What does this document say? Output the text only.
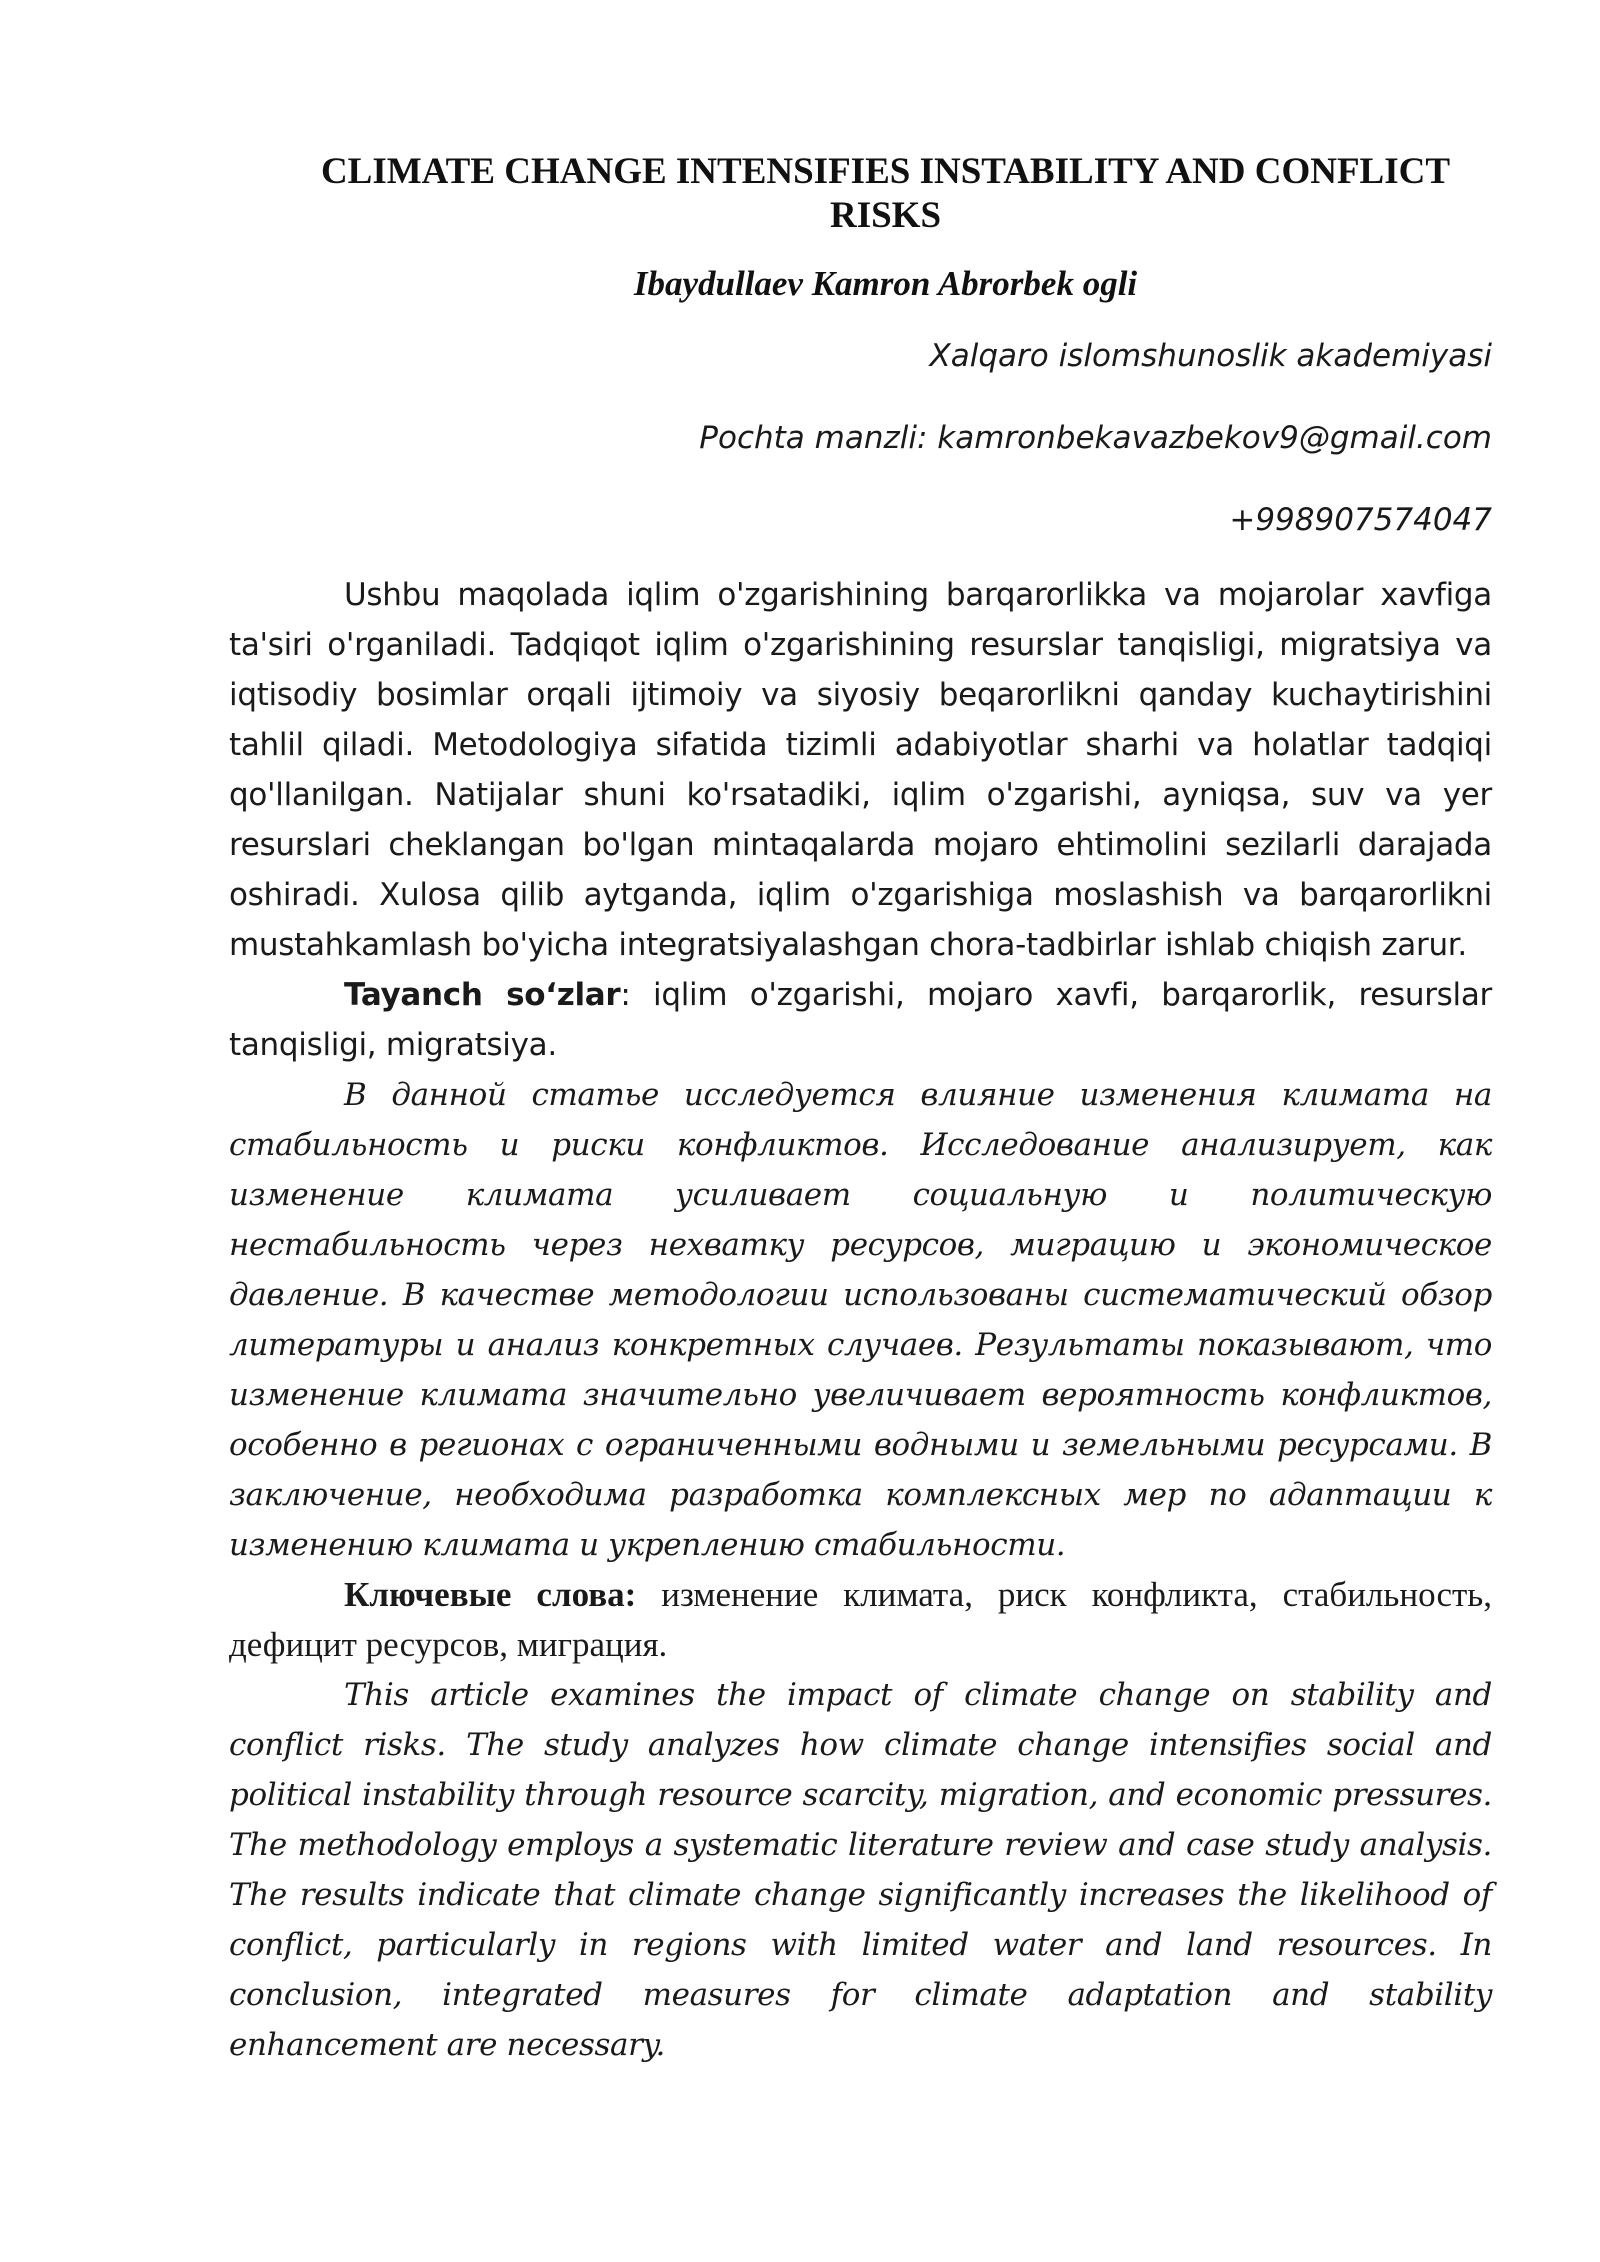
CLIMATE CHANGE INTENSIFIES INSTABILITY AND CONFLICT RISKS

Ibaydullaev Kamron Abrorbek ogli

Xalqaro islomshunoslik akademiyasi

Pochta manzli: kamronbekavazbekov9@gmail.com

+998907574047

Ushbu maqolada iqlim o'zgarishining barqarorlikka va mojarolar xavfiga ta'siri o'rganiladi. Tadqiqot iqlim o'zgarishining resurslar tanqisligi, migratsiya va iqtisodiy bosimlar orqali ijtimoiy va siyosiy beqarorlikni qanday kuchaytirishini tahlil qiladi. Metodologiya sifatida tizimli adabiyotlar sharhi va holatlar tadqiqi qo'llanilgan. Natijalar shuni ko'rsatadiki, iqlim o'zgarishi, ayniqsa, suv va yer resurslari cheklangan bo'lgan mintaqalarda mojaro ehtimolini sezilarli darajada oshiradi. Xulosa qilib aytganda, iqlim o'zgarishiga moslashish va barqarorlikni mustahkamlash bo'yicha integratsiyalashgan chora-tadbirlar ishlab chiqish zarur.

Tayanch so‘zlar: iqlim o'zgarishi, mojaro xavfi, barqarorlik, resurslar tanqisligi, migratsiya.

В данной статье исследуется влияние изменения климата на стабильность и риски конфликтов. Исследование анализирует, как изменение климата усиливает социальную и политическую нестабильность через нехватку ресурсов, миграцию и экономическое давление. В качестве методологии использованы систематический обзор литературы и анализ конкретных случаев. Результаты показывают, что изменение климата значительно увеличивает вероятность конфликтов, особенно в регионах с ограниченными водными и земельными ресурсами. В заключение, необходима разработка комплексных мер по адаптации к изменению климата и укреплению стабильности.

Ключевые слова: изменение климата, риск конфликта, стабильность, дефицит ресурсов, миграция.

This article examines the impact of climate change on stability and conflict risks. The study analyzes how climate change intensifies social and political instability through resource scarcity, migration, and economic pressures. The methodology employs a systematic literature review and case study analysis. The results indicate that climate change significantly increases the likelihood of conflict, particularly in regions with limited water and land resources. In conclusion, integrated measures for climate adaptation and stability enhancement are necessary.
